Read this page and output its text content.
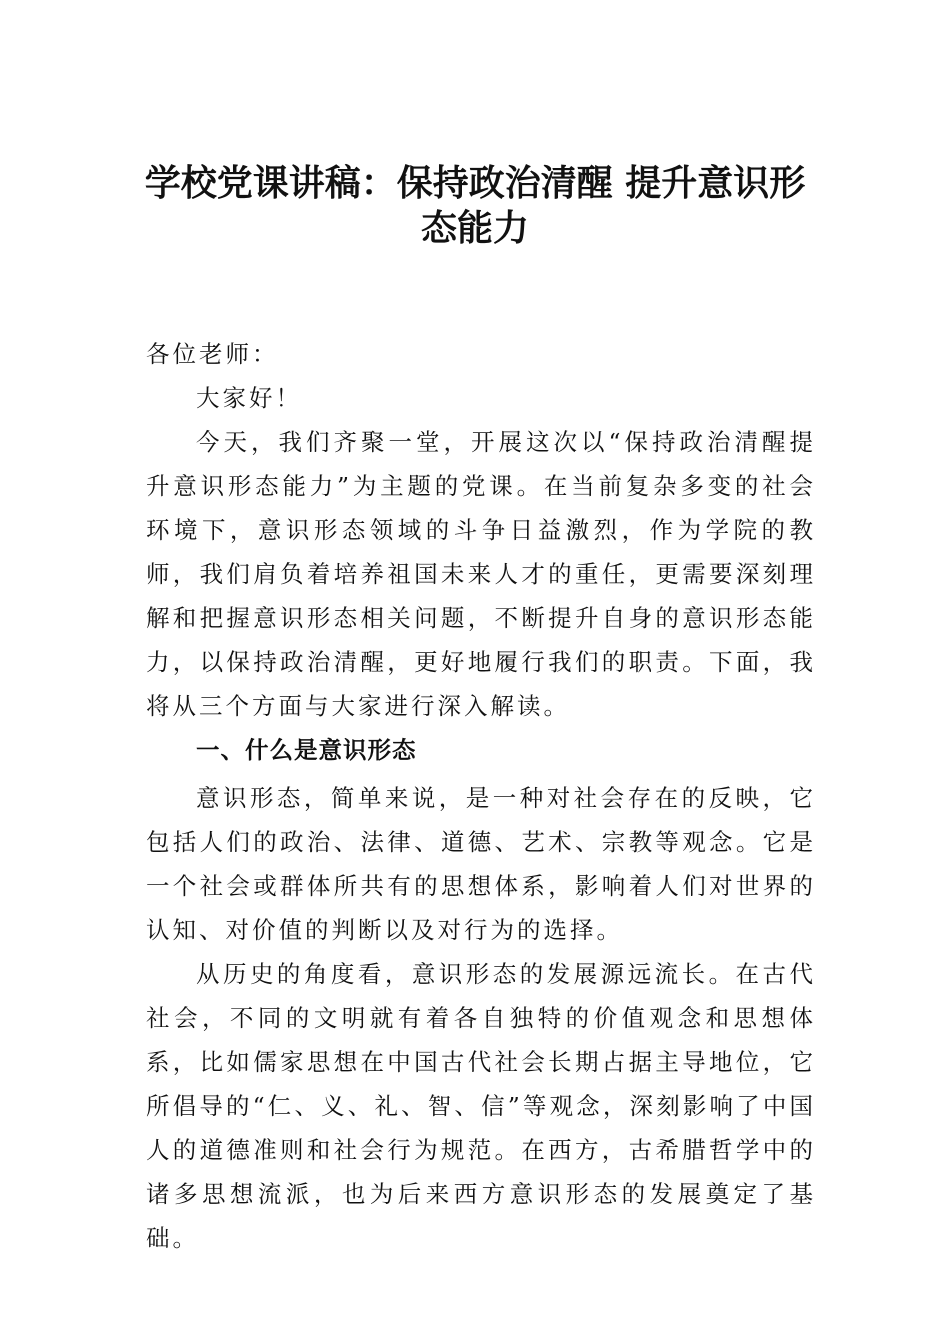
学校党课讲稿：保持政治清醒 提升意识形
态能力

各位老师：

大家好！

今天，我们齐聚一堂，开展这次以“保持政治清醒提升意识形态能力”为主题的党课。在当前复杂多变的社会环境下，意识形态领域的斗争日益激烈，作为学院的教师，我们肩负着培养祖国未来人才的重任，更需要深刻理解和把握意识形态相关问题，不断提升自身的意识形态能力，以保持政治清醒，更好地履行我们的职责。下面，我将从三个方面与大家进行深入解读。

一、什么是意识形态

意识形态，简单来说，是一种对社会存在的反映，它包括人们的政治、法律、道德、艺术、宗教等观念。它是一个社会或群体所共有的思想体系，影响着人们对世界的认知、对价值的判断以及对行为的选择。

从历史的角度看，意识形态的发展源远流长。在古代社会，不同的文明就有着各自独特的价值观念和思想体系，比如儒家思想在中国古代社会长期占据主导地位，它所倡导的“仁、义、礼、智、信”等观念，深刻影响了中国人的道德准则和社会行为规范。在西方，古希腊哲学中的诸多思想流派，也为后来西方意识形态的发展奠定了基础。
